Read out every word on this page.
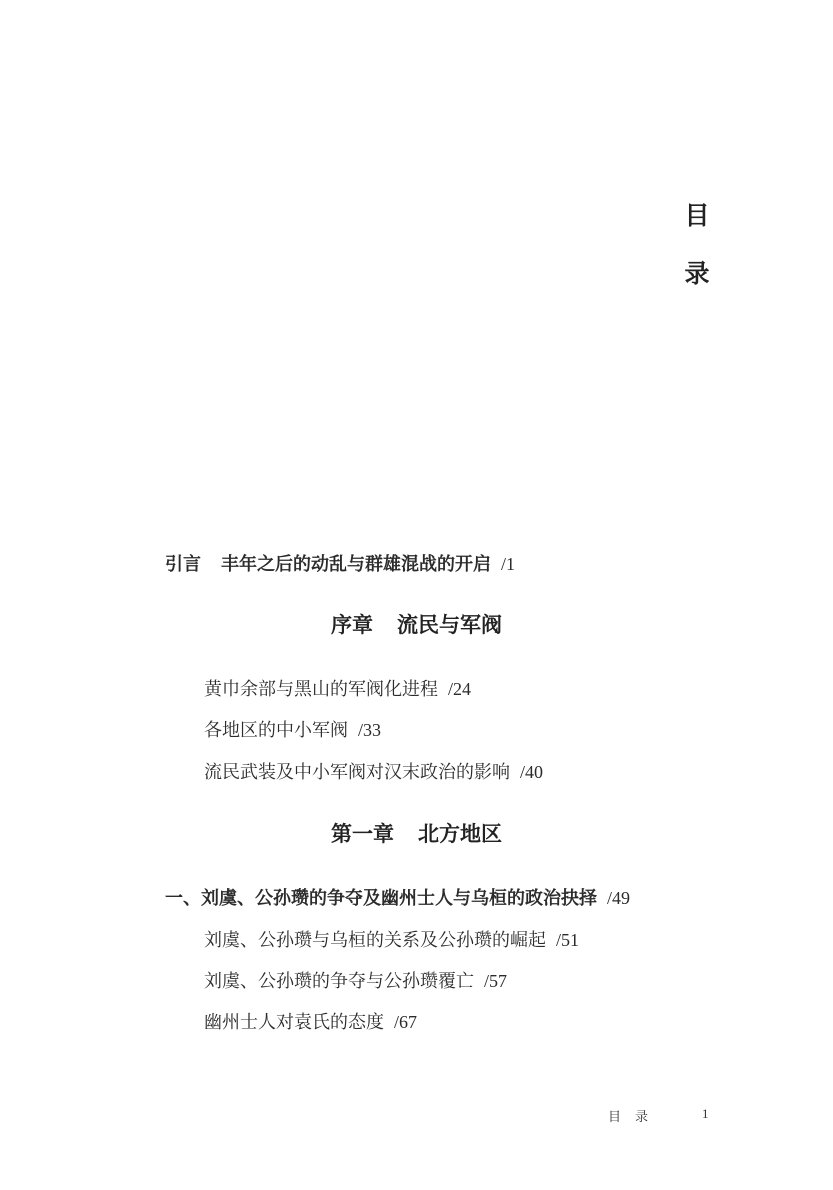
目
录
引言 丰年之后的动乱与群雄混战的开启 /1
序章 流民与军阀
黄巾余部与黑山的军阀化进程 /24
各地区的中小军阀 /33
流民武装及中小军阀对汉末政治的影响 /40
第一章 北方地区
一、刘虞、公孙瓒的争夺及幽州士人与乌桓的政治抉择 /49
刘虞、公孙瓒与乌桓的关系及公孙瓒的崛起 /51
刘虞、公孙瓒的争夺与公孙瓒覆亡 /57
幽州士人对袁氏的态度 /67
目录	1
